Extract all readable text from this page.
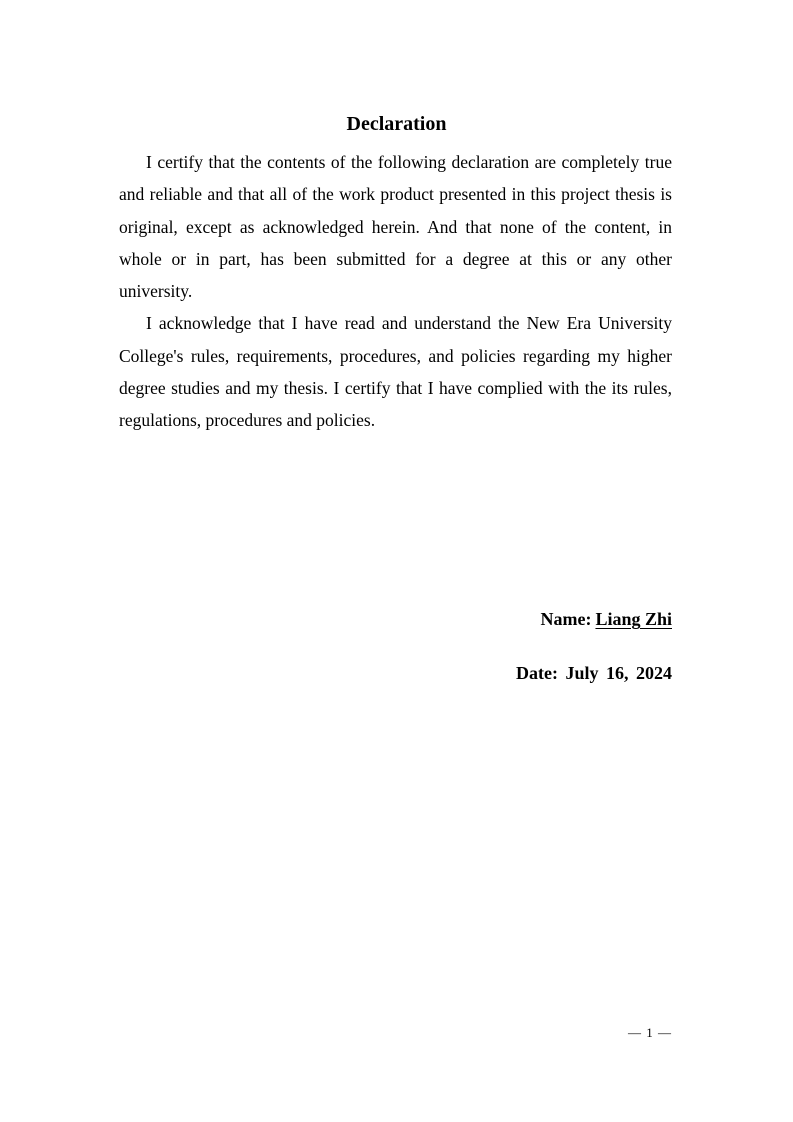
Declaration

I certify that the contents of the following declaration are completely true and reliable and that all of the work product presented in this project thesis is original, except as acknowledged herein. And that none of the content, in whole or in part, has been submitted for a degree at this or any other university.

I acknowledge that I have read and understand the New Era University College's rules, requirements, procedures, and policies regarding my higher degree studies and my thesis. I certify that I have complied with the its rules, regulations, procedures and policies.

Name: Liang Zhi
Date: July 16, 2024
— 1 —
